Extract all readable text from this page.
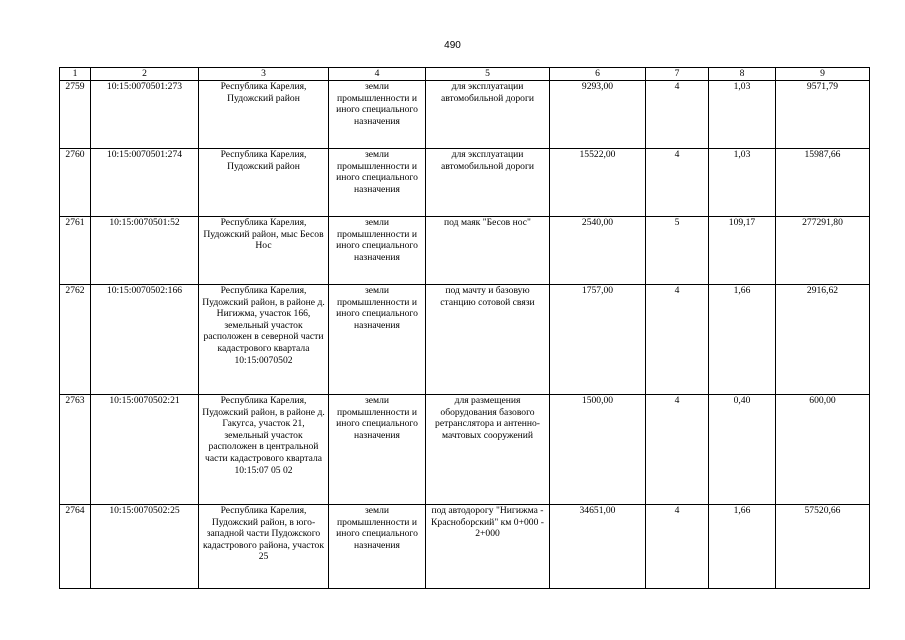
490
1	2	3	4	5	6	7	8	9
2759	10:15:0070501:273	Республика Карелия, Пудожский район	земли промышленности и иного специального назначения	для эксплуатации автомобильной дороги	9293,00	4	1,03	9571,79
2760	10:15:0070501:274	Республика Карелия, Пудожский район	земли промышленности и иного специального назначения	для эксплуатации автомобильной дороги	15522,00	4	1,03	15987,66
2761	10:15:0070501:52	Республика Карелия, Пудожский район, мыс Бесов Нос	земли промышленности и иного специального назначения	под маяк "Бесов нос"	2540,00	5	109,17	277291,80
2762	10:15:0070502:166	Республика Карелия, Пудожский район, в районе д. Нигижма, участок 166, земельный участок расположен в северной части кадастрового квартала 10:15:0070502	земли промышленности и иного специального назначения	под мачту и базовую станцию сотовой связи	1757,00	4	1,66	2916,62
2763	10:15:0070502:21	Республика Карелия, Пудожский район, в районе д. Гакугса, участок 21, земельный участок расположен в центральной части кадастрового квартала 10:15:07 05 02	земли промышленности и иного специального назначения	для размещения оборудования базового ретранслятора и антенно-мачтовых сооружений	1500,00	4	0,40	600,00
2764	10:15:0070502:25	Республика Карелия, Пудожский район, в юго-западной части Пудожского кадастрового района, участок 25	земли промышленности и иного специального назначения	под автодорогу "Нигижма - Красноборский" км 0+000 - 2+000	34651,00	4	1,66	57520,66
